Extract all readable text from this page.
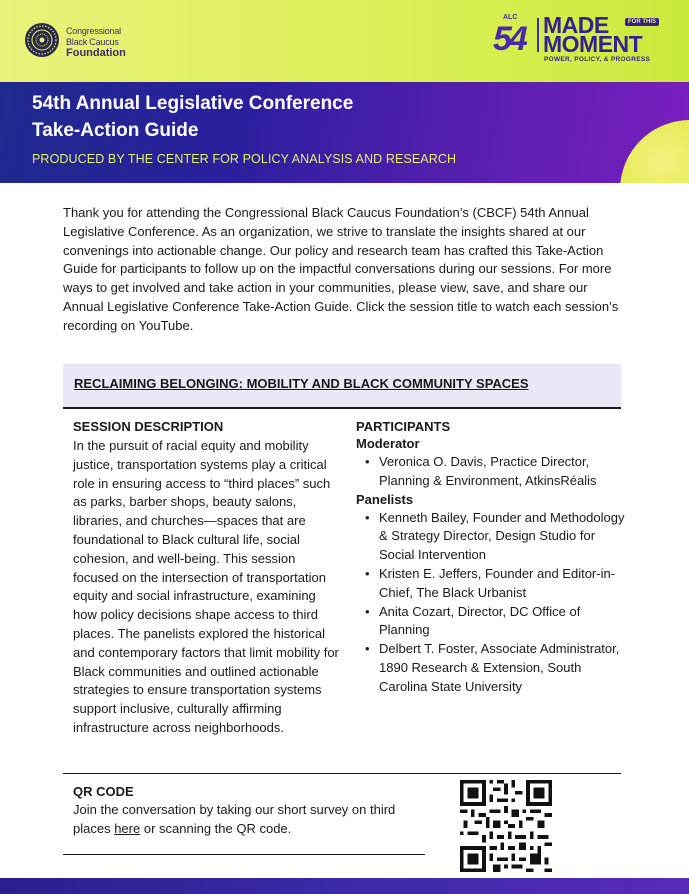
Congressional
Black Caucus
Foundation
ALC
54 MADE	FOR THIS
MOMENT
POWER, POLICY, & PROGRESS
54th Annual Legislative Conference
Take-Action Guide
PRODUCED BY THE CENTER FOR POLICY ANALYSIS AND RESEARCH

Thank you for attending the Congressional Black Caucus Foundation’s (CBCF) 54th Annual Legislative Conference. As an organization, we strive to translate the insights shared at our convenings into actionable change. Our policy and research team has crafted this Take-Action Guide for participants to follow up on the impactful conversations during our sessions. For more ways to get involved and take action in your communities, please view, save, and share our Annual Legislative Conference Take-Action Guide. Click the session title to watch each session’s recording on YouTube.

RECLAIMING BELONGING: MOBILITY AND BLACK COMMUNITY SPACES
SESSION DESCRIPTION

In the pursuit of racial equity and mobility justice, transportation systems play a critical role in ensuring access to “third places” such as parks, barber shops, beauty salons, libraries, and churches—spaces that are foundational to Black cultural life, social cohesion, and well-being. This session focused on the intersection of transportation equity and social infrastructure, examining how policy decisions shape access to third places. The panelists explored the historical and contemporary factors that limit mobility for Black communities and outlined actionable strategies to ensure transportation systems support inclusive, culturally affirming infrastructure across neighborhoods.

PARTICIPANTS
Moderator
• Veronica O. Davis, Practice Director, Planning & Environment, AtkinsRéalis
Panelists
• Kenneth Bailey, Founder and Methodology & Strategy Director, Design Studio for Social Intervention
• Kristen E. Jeffers, Founder and Editor-in-Chief, The Black Urbanist
• Anita Cozart, Director, DC Office of Planning
• Delbert T. Foster, Associate Administrator, 1890 Research & Extension, South Carolina State University
QR CODE

Join the conversation by taking our short survey on third places here or scanning the QR code.
